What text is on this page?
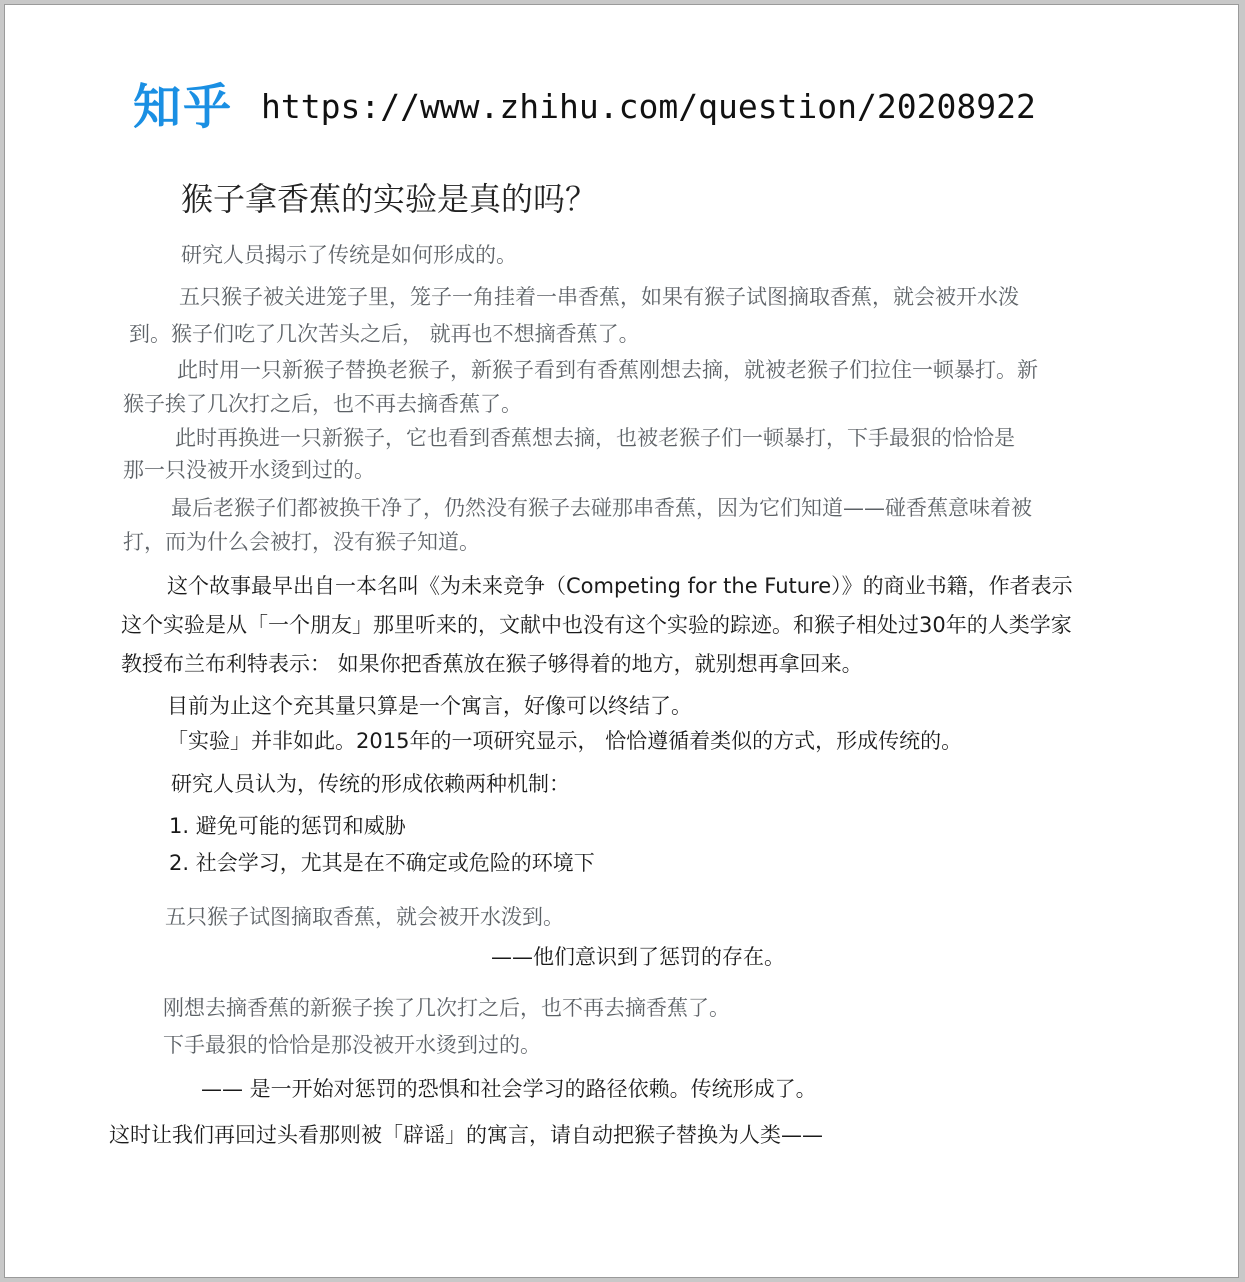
知乎 https://www.zhihu.com/question/20208922
猴子拿香蕉的实验是真的吗？
研究人员揭示了传统是如何形成的。
五只猴子被关进笼子里，笼子一角挂着一串香蕉，如果有猴子试图摘取香蕉，就会被开水泼
到。猴子们吃了几次苦头之后， 就再也不想摘香蕉了。
此时用一只新猴子替换老猴子，新猴子看到有香蕉刚想去摘，就被老猴子们拉住一顿暴打。新
猴子挨了几次打之后，也不再去摘香蕉了。
此时再换进一只新猴子，它也看到香蕉想去摘，也被老猴子们一顿暴打，下手最狠的恰恰是
那一只没被开水烫到过的。
最后老猴子们都被换干净了，仍然没有猴子去碰那串香蕉，因为它们知道——碰香蕉意味着被
打，而为什么会被打，没有猴子知道。
这个故事最早出自一本名叫《为未来竞争（Competing for the Future）》的商业书籍，作者表示
这个实验是从「一个朋友」那里听来的，文献中也没有这个实验的踪迹。和猴子相处过30年的人类学家
教授布兰布利特表示： 如果你把香蕉放在猴子够得着的地方，就别想再拿回来。
目前为止这个充其量只算是一个寓言，好像可以终结了。
「实验」并非如此。2015年的一项研究显示， 恰恰遵循着类似的方式，形成传统的。
研究人员认为，传统的形成依赖两种机制：
1. 避免可能的惩罚和威胁
2. 社会学习，尤其是在不确定或危险的环境下
五只猴子试图摘取香蕉，就会被开水泼到。
——他们意识到了惩罚的存在。
刚想去摘香蕉的新猴子挨了几次打之后，也不再去摘香蕉了。
下手最狠的恰恰是那没被开水烫到过的。
—— 是一开始对惩罚的恐惧和社会学习的路径依赖。传统形成了。
这时让我们再回过头看那则被「辟谣」的寓言，请自动把猴子替换为人类——
